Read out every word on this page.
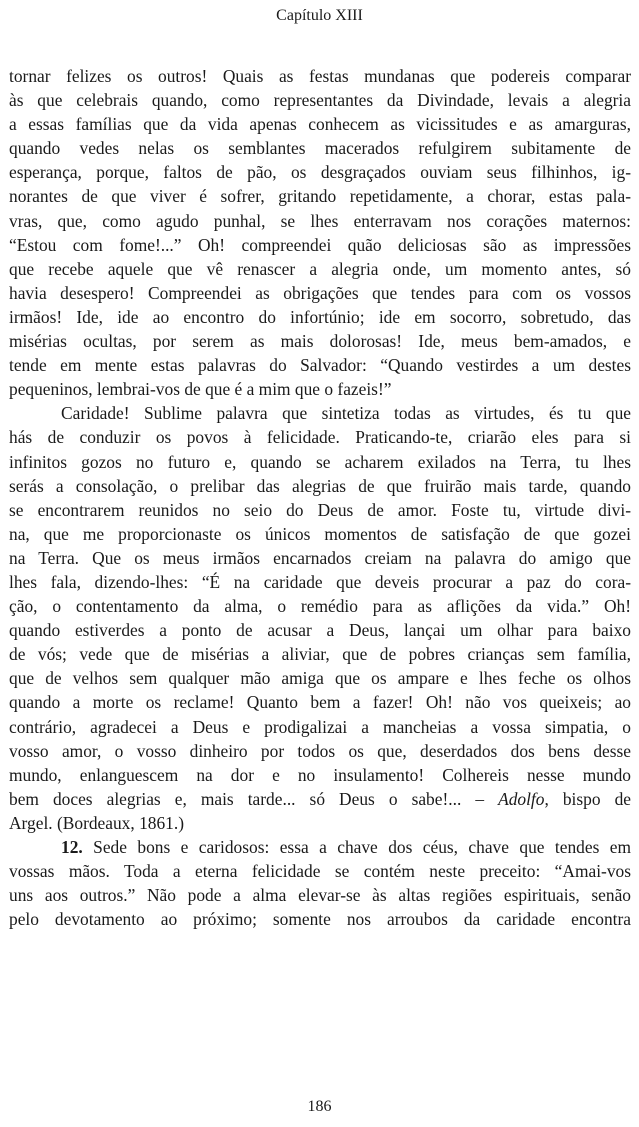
Capítulo XIII
tornar felizes os outros! Quais as festas mundanas que podereis comparar
às que celebrais quando, como representantes da Divindade, levais a alegria
a essas famílias que da vida apenas conhecem as vicissitudes e as amarguras,
quando vedes nelas os semblantes macerados refulgirem subitamente de
esperança, porque, faltos de pão, os desgraçados ouviam seus filhinhos, ig-
norantes de que viver é sofrer, gritando repetidamente, a chorar, estas pala-
vras, que, como agudo punhal, se lhes enterravam nos corações maternos:
“Estou com fome!...” Oh! compreendei quão deliciosas são as impressões
que recebe aquele que vê renascer a alegria onde, um momento antes, só
havia desespero! Compreendei as obrigações que tendes para com os vossos
irmãos! Ide, ide ao encontro do infortúnio; ide em socorro, sobretudo, das
misérias ocultas, por serem as mais dolorosas! Ide, meus bem-amados, e
tende em mente estas palavras do Salvador: “Quando vestirdes a um destes
pequeninos, lembrai-vos de que é a mim que o fazeis!”
Caridade! Sublime palavra que sintetiza todas as virtudes, és tu que
hás de conduzir os povos à felicidade. Praticando-te, criarão eles para si
infinitos gozos no futuro e, quando se acharem exilados na Terra, tu lhes
serás a consolação, o prelibar das alegrias de que fruirão mais tarde, quando
se encontrarem reunidos no seio do Deus de amor. Foste tu, virtude divi-
na, que me proporcionaste os únicos momentos de satisfação de que gozei
na Terra. Que os meus irmãos encarnados creiam na palavra do amigo que
lhes fala, dizendo-lhes: “É na caridade que deveis procurar a paz do cora-
ção, o contentamento da alma, o remédio para as aflições da vida.” Oh!
quando estiverdes a ponto de acusar a Deus, lançai um olhar para baixo
de vós; vede que de misérias a aliviar, que de pobres crianças sem família,
que de velhos sem qualquer mão amiga que os ampare e lhes feche os olhos
quando a morte os reclame! Quanto bem a fazer! Oh! não vos queixeis; ao
contrário, agradecei a Deus e prodigalizai a mancheias a vossa simpatia, o
vosso amor, o vosso dinheiro por todos os que, deserdados dos bens desse
mundo, enlanguescem na dor e no insulamento! Colhereis nesse mundo
bem doces alegrias e, mais tarde... só Deus o sabe!... – Adolfo, bispo de
Argel. (Bordeaux, 1861.)
12. Sede bons e caridosos: essa a chave dos céus, chave que tendes em
vossas mãos. Toda a eterna felicidade se contém neste preceito: “Amai-vos
uns aos outros.” Não pode a alma elevar-se às altas regiões espirituais, senão
pelo devotamento ao próximo; somente nos arroubos da caridade encontra
186
